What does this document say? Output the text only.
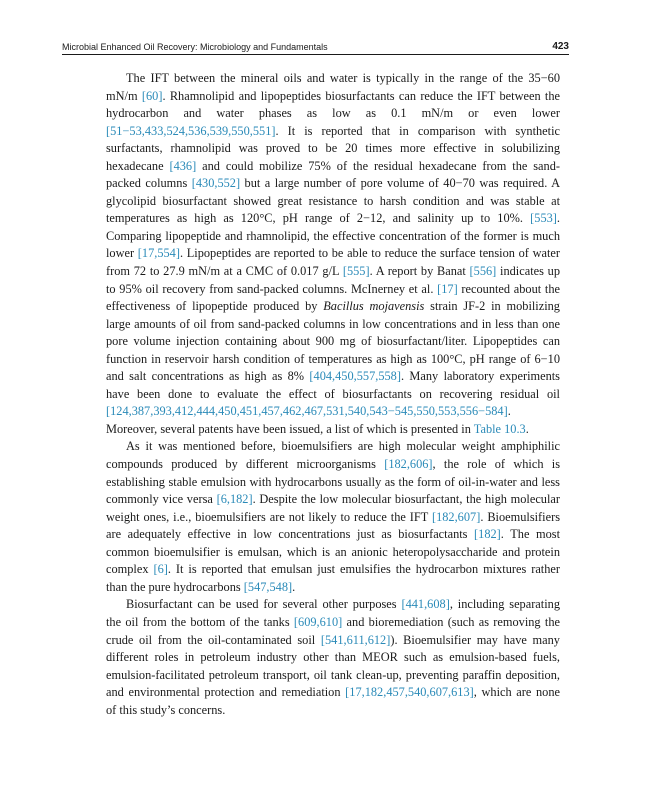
Microbial Enhanced Oil Recovery: Microbiology and Fundamentals	423

The IFT between the mineral oils and water is typically in the range of the 35−60 mN/m [60]. Rhamnolipid and lipopeptides biosurfactants can reduce the IFT between the hydrocarbon and water phases as low as 0.1 mN/m or even lower [51−53,433,524,536,539,550,551]. It is reported that in comparison with synthetic surfactants, rhamnolipid was proved to be 20 times more effective in solubilizing hexadecane [436] and could mobilize 75% of the residual hexadecane from the sand-packed columns [430,552] but a large number of pore volume of 40−70 was required. A glycolipid biosurfactant showed great resistance to harsh condition and was stable at temperatures as high as 120°C, pH range of 2−12, and salinity up to 10%. [553]. Comparing lipopeptide and rhamnolipid, the effective concentration of the former is much lower [17,554]. Lipopeptides are reported to be able to reduce the surface tension of water from 72 to 27.9 mN/m at a CMC of 0.017 g/L [555]. A report by Banat [556] indicates up to 95% oil recovery from sand-packed columns. McInerney et al. [17] recounted about the effectiveness of lipopeptide produced by Bacillus mojavensis strain JF-2 in mobilizing large amounts of oil from sand-packed columns in low concentrations and in less than one pore volume injection containing about 900 mg of biosurfactant/liter. Lipopeptides can function in reservoir harsh condition of temperatures as high as 100°C, pH range of 6−10 and salt concentrations as high as 8% [404,450,557,558]. Many laboratory experiments have been done to evaluate the effect of biosurfactants on recovering residual oil [124,387,393,412,444,450,451,457,462,467,531,540,543−545,550,553,556−584]. Moreover, several patents have been issued, a list of which is presented in Table 10.3.

As it was mentioned before, bioemulsifiers are high molecular weight amphiphilic compounds produced by different microorganisms [182,606], the role of which is establishing stable emulsion with hydrocarbons usually as the form of oil-in-water and less commonly vice versa [6,182]. Despite the low molecular biosurfactant, the high molecular weight ones, i.e., bioemulsifiers are not likely to reduce the IFT [182,607]. Bioemulsifiers are adequately effective in low concentrations just as biosurfactants [182]. The most common bioemulsifier is emulsan, which is an anionic heteropolysaccharide and protein complex [6]. It is reported that emulsan just emulsifies the hydrocarbon mixtures rather than the pure hydrocarbons [547,548].

Biosurfactant can be used for several other purposes [441,608], including separating the oil from the bottom of the tanks [609,610] and bioremediation (such as removing the crude oil from the oil-contaminated soil [541,611,612]). Bioemulsifier may have many different roles in petroleum industry other than MEOR such as emulsion-based fuels, emulsion-facilitated petroleum transport, oil tank clean-up, preventing paraffin deposition, and environmental protection and remediation [17,182,457,540,607,613], which are none of this study’s concerns.
